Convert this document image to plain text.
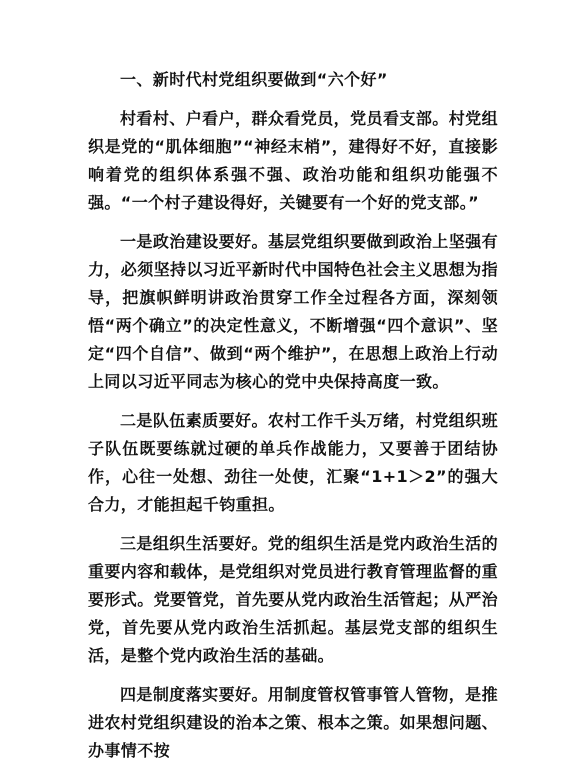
一、新时代村党组织要做到“六个好”

村看村、户看户，群众看党员，党员看支部。村党组织是党的“肌体细胞”“神经末梢”，建得好不好，直接影响着党的组织体系强不强、政治功能和组织功能强不强。“一个村子建设得好，关键要有一个好的党支部。”

一是政治建设要好。基层党组织要做到政治上坚强有力，必须坚持以习近平新时代中国特色社会主义思想为指导，把旗帜鲜明讲政治贯穿工作全过程各方面，深刻领悟“两个确立”的决定性意义，不断增强“四个意识”、坚定“四个自信”、做到“两个维护”，在思想上政治上行动上同以习近平同志为核心的党中央保持高度一致。

二是队伍素质要好。农村工作千头万绪，村党组织班子队伍既要练就过硬的单兵作战能力，又要善于团结协作，心往一处想、劲往一处使，汇聚“1+1＞2”的强大合力，才能担起千钧重担。

三是组织生活要好。党的组织生活是党内政治生活的重要内容和载体，是党组织对党员进行教育管理监督的重要形式。党要管党，首先要从党内政治生活管起；从严治党，首先要从党内政治生活抓起。基层党支部的组织生活，是整个党内政治生活的基础。

四是制度落实要好。用制度管权管事管人管物，是推进农村党组织建设的治本之策、根本之策。如果想问题、办事情不按
